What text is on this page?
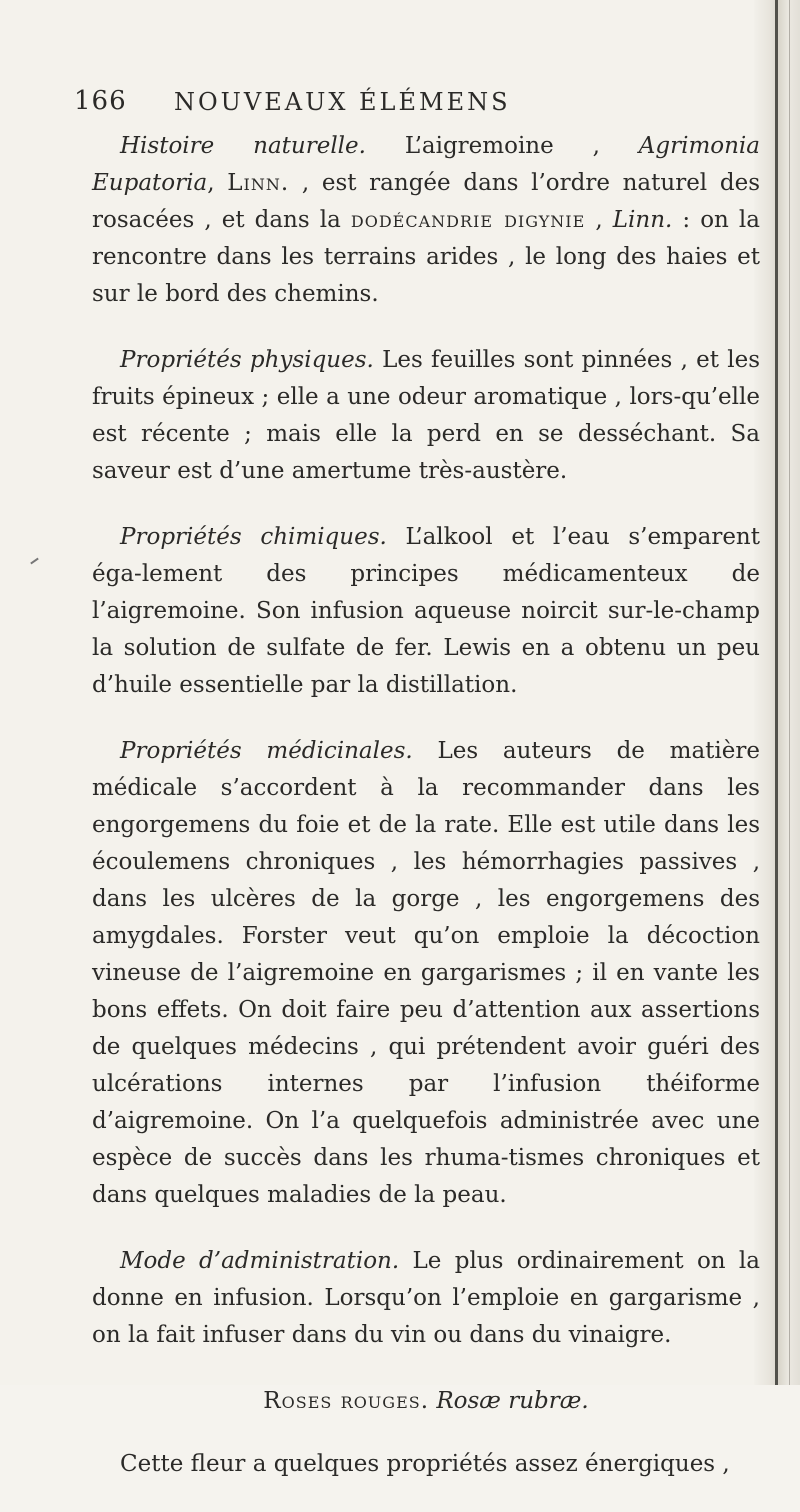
166 NOUVEAUX ÉLÉMENS

Histoire naturelle. L’aigremoine , Agrimonia Eupatoria, Linn. , est rangée dans l’ordre naturel des rosacées , et dans la dodécandrie digynie , Linn. : on la rencontre dans les terrains arides , le long des haies et sur le bord des chemins.

Propriétés physiques. Les feuilles sont pinnées , et les fruits épineux ; elle a une odeur aromatique , lors-qu’elle est récente ; mais elle la perd en se desséchant. Sa saveur est d’une amertume très-austère.

Propriétés chimiques. L’alkool et l’eau s’emparent éga-lement des principes médicamenteux de l’aigremoine. Son infusion aqueuse noircit sur-le-champ la solution de sulfate de fer. Lewis en a obtenu un peu d’huile essentielle par la distillation.

Propriétés médicinales. Les auteurs de matière médicale s’accordent à la recommander dans les engorgemens du foie et de la rate. Elle est utile dans les écoulemens chroniques , les hémorrhagies passives , dans les ulcères de la gorge , les engorgemens des amygdales. Forster veut qu’on emploie la décoction vineuse de l’aigremoine en gargarismes ; il en vante les bons effets. On doit faire peu d’attention aux assertions de quelques médecins , qui prétendent avoir guéri des ulcérations internes par l’infusion théiforme d’aigremoine. On l’a quelquefois administrée avec une espèce de succès dans les rhuma-tismes chroniques et dans quelques maladies de la peau.

Mode d’administration. Le plus ordinairement on la donne en infusion. Lorsqu’on l’emploie en gargarisme , on la fait infuser dans du vin ou dans du vinaigre.

Roses rouges. Rosæ rubræ.

Cette fleur a quelques propriétés assez énergiques ,
